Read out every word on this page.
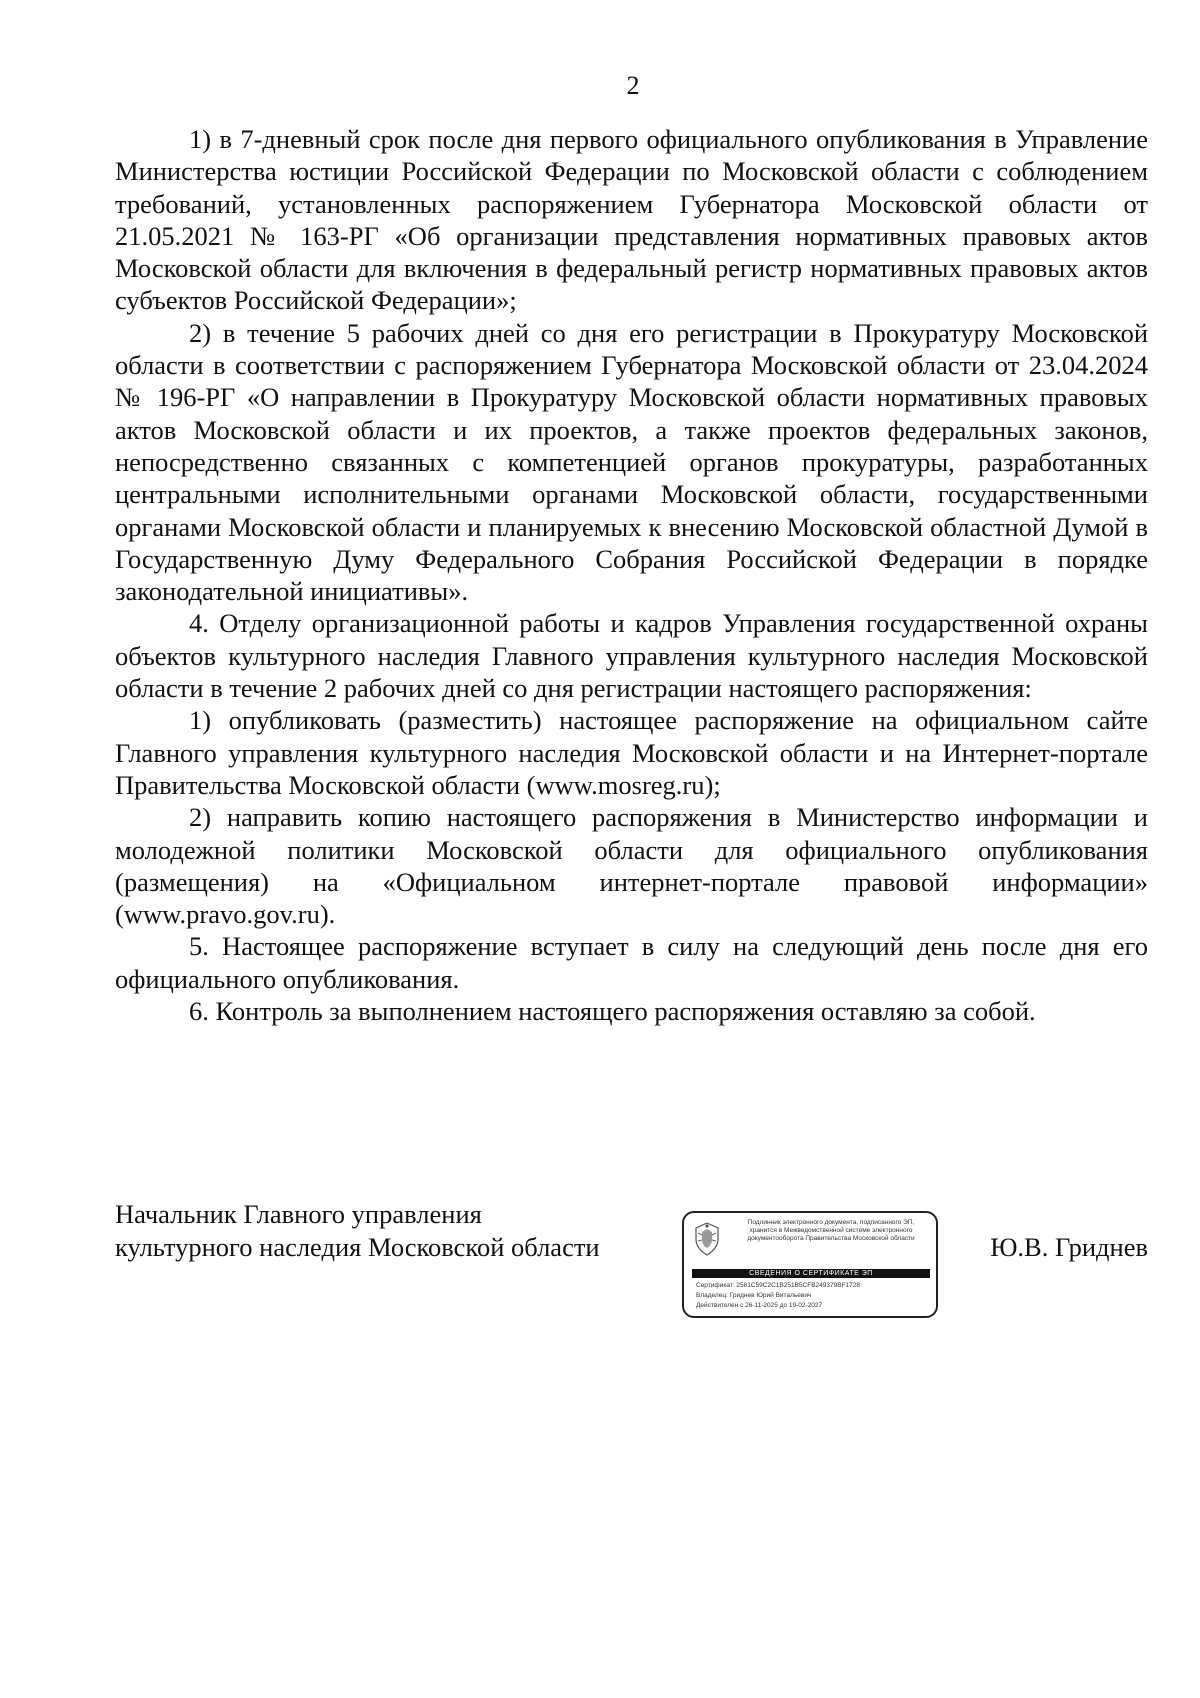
2

1) в 7-дневный срок после дня первого официального опубликования в Управление Министерства юстиции Российской Федерации по Московской области с соблюдением требований, установленных распоряжением Губернатора Московской области от 21.05.2021 № 163-РГ «Об организации представления нормативных правовых актов Московской области для включения в федеральный регистр нормативных правовых актов субъектов Российской Федерации»;

2) в течение 5 рабочих дней со дня его регистрации в Прокуратуру Московской области в соответствии с распоряжением Губернатора Московской области от 23.04.2024 № 196-РГ «О направлении в Прокуратуру Московской области нормативных правовых актов Московской области и их проектов, а также проектов федеральных законов, непосредственно связанных с компетенцией органов прокуратуры, разработанных центральными исполнительными органами Московской области, государственными органами Московской области и планируемых к внесению Московской областной Думой в Государственную Думу Федерального Собрания Российской Федерации в порядке законодательной инициативы».

4. Отделу организационной работы и кадров Управления государственной охраны объектов культурного наследия Главного управления культурного наследия Московской области в течение 2 рабочих дней со дня регистрации настоящего распоряжения:

1) опубликовать (разместить) настоящее распоряжение на официальном сайте Главного управления культурного наследия Московской области и на Интернет-портале Правительства Московской области (www.mosreg.ru);

2) направить копию настоящего распоряжения в Министерство информации и молодежной политики Московской области для официального опубликования (размещения) на «Официальном интернет-портале правовой информации» (www.pravo.gov.ru).

5. Настоящее распоряжение вступает в силу на следующий день после дня его официального опубликования.

6. Контроль за выполнением настоящего распоряжения оставляю за собой.

Начальник Главного управления
культурного наследия Московской области
Подлинник электронного документа, подписанного ЭП,
хранится в Межведомственной системе электронного
документооборота Правительства Московской области
СВЕДЕНИЯ О СЕРТИФИКАТЕ ЭП
Сертификат: 2581C59C2C1B251B5CFB249379BF1728
Владелец: Гриднев Юрий Витальевич
Действителен с 26-11-2025 до 19-02-2027
Ю.В. Гриднев
